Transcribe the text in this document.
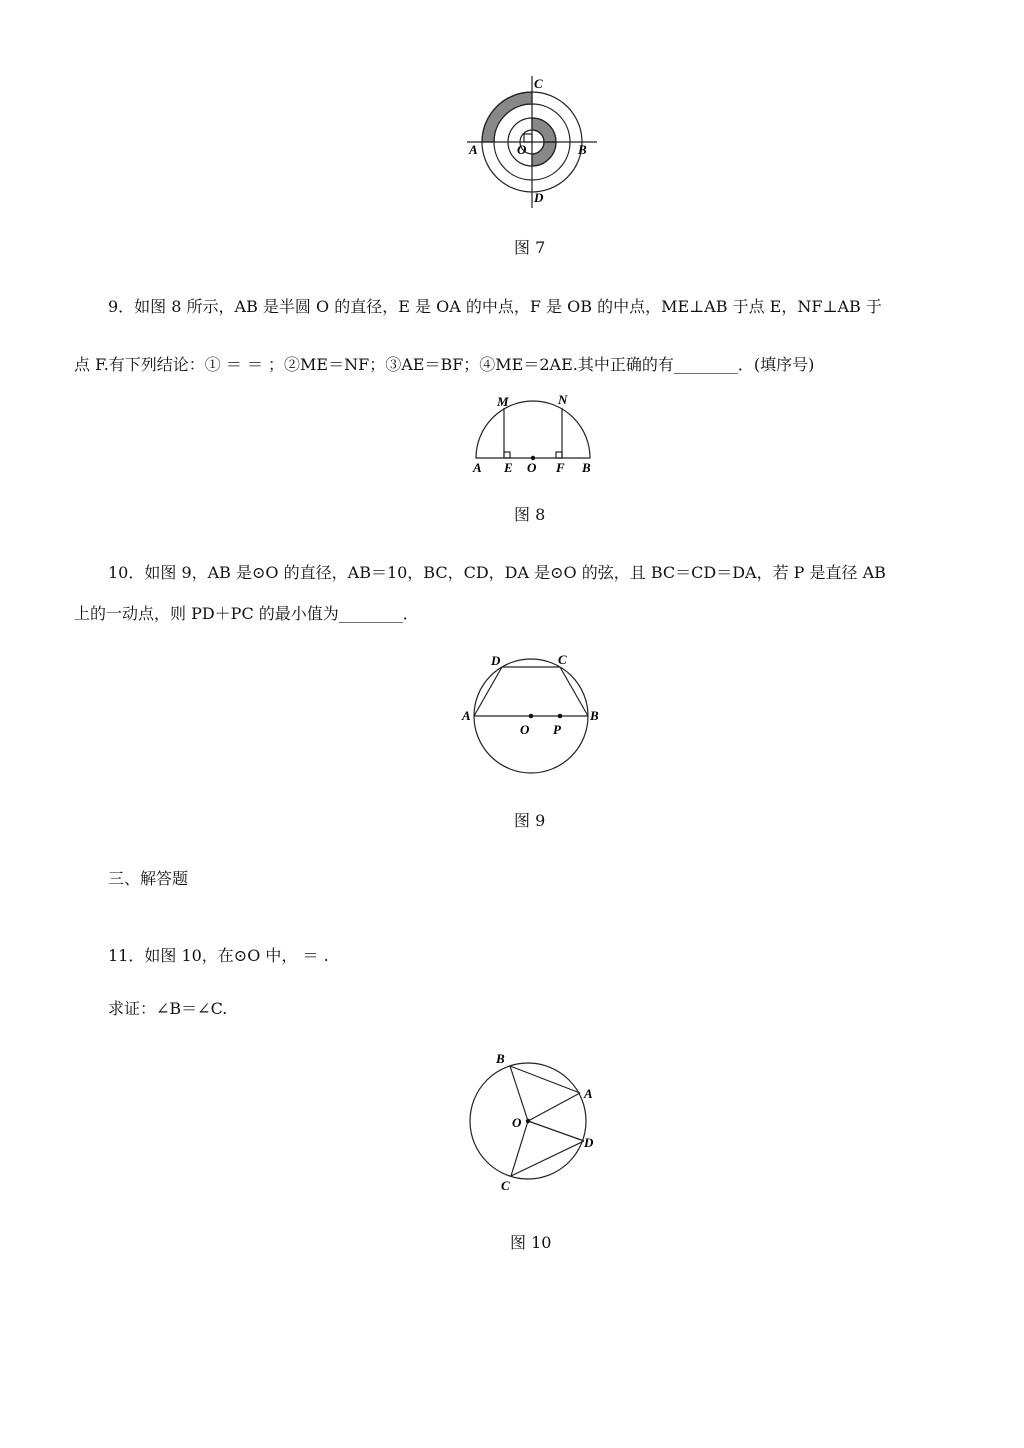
C
A	B
O
D
图 7
9．如图 8 所示，AB 是半圆 O 的直径，E 是 OA 的中点，F 是 OB 的中点，ME⊥AB 于点 E，NF⊥AB 于
点 F.有下列结论：① ＝ ＝ ；②ME＝NF；③AE＝BF；④ME＝2AE.其中正确的有________．(填序号)
M	N
A E O F B
图 8
10．如图 9，AB 是⊙O 的直径，AB＝10，BC，CD，DA 是⊙O 的弦，且 BC＝CD＝DA，若 P 是直径 AB
上的一动点，则 PD＋PC 的最小值为________．
D	C
A	B
O P
图 9
三、解答题
11．如图 10，在⊙O 中， ＝ .
求证：∠B＝∠C.
B
A
O
D
C
图 10
